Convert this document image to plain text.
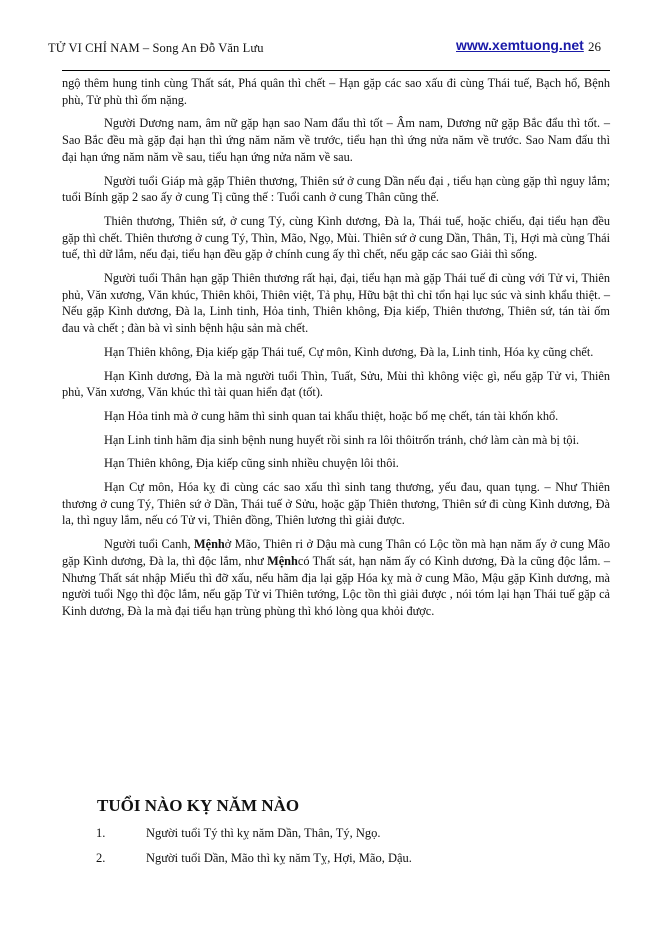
TỬ VI CHỈ NAM – Song An Đỗ Văn Lưu	www.xemtuong.net 26

ngộ thêm hung tinh cùng Thất sát, Phá quân thì chết – Hạn gặp các sao xấu đi cùng Thái tuế, Bạch hổ, Bệnh phù, Tử phù thì ốm nặng.

Người Dương nam, âm nữ gặp hạn sao Nam đẩu thì tốt – Âm nam, Dương nữ gặp Bắc đẩu thì tốt. – Sao Bắc đều mà gặp đại hạn thì ứng năm năm về trước, tiểu hạn thì ứng nửa năm về trước. Sao Nam đẩu thì đại hạn ứng năm năm về sau, tiểu hạn ứng nửa năm về sau.

Người tuổi Giáp mà gặp Thiên thương, Thiên sứ ở cung Dần nếu đại , tiểu hạn cùng gặp thì nguy lắm; tuổi Bính gặp 2 sao ấy ở cung Tị cũng thế : Tuổi canh ở cung Thân cũng thế.

Thiên thương, Thiên sứ, ở cung Tý, cùng Kình dương, Đà la, Thái tuế, hoặc chiếu, đại tiểu hạn đều gặp thì chết. Thiên thương ở cung Tý, Thìn, Mão, Ngọ, Mùi. Thiên sứ ở cung Dần, Thân, Tị, Hợi mà cùng Thái tuế, thì dữ lắm, nếu đại, tiểu hạn đều gặp ở chính cung ấy thì chết, nếu gặp các sao Giải thì sống.

Người tuổi Thân hạn gặp Thiên thương rất hại, đại, tiểu hạn mà gặp Thái tuế đi cùng với Tử vi, Thiên phủ, Văn xương, Văn khúc, Thiên khôi, Thiên việt, Tả phụ, Hữu bật thì chỉ tổn hại lục súc và sinh khẩu thiệt. – Nếu gặp Kình dương, Đà la, Linh tinh, Hỏa tinh, Thiên không, Địa kiếp, Thiên thương, Thiên sứ, tán tài ốm đau và chết ; đàn bà vì sinh bệnh hậu sản mà chết.

Hạn Thiên không, Địa kiếp gặp Thái tuế, Cự môn, Kình dương, Đà la, Linh tinh, Hóa kỵ cũng chết.

Hạn Kình dương, Đà la mà người tuổi Thìn, Tuất, Sửu, Mùi thì không việc gì, nếu gặp Tử vi, Thiên phủ, Văn xương, Văn khúc thì tài quan hiển đạt (tốt).

Hạn Hỏa tinh mà ở cung hãm thì sinh quan tai khẩu thiệt, hoặc bố mẹ chết, tán tài khốn khổ.

Hạn Linh tinh hãm địa sinh bệnh nung huyết rồi sinh ra lôi thôitrốn tránh, chớ làm càn mà bị tội.

Hạn Thiên không, Địa kiếp cũng sinh nhiều chuyện lôi thôi.

Hạn Cự môn, Hóa kỵ đi cùng các sao xấu thì sinh tang thương, yếu đau, quan tụng. – Như Thiên thương ở cung Tý, Thiên sứ ở Dần, Thái tuế ở Sửu, hoặc gặp Thiên thương, Thiên sứ đi cùng Kình dương, Đà la, thì nguy lắm, nếu có Tử vi, Thiên đồng, Thiên lương thì giải được.

Người tuổi Canh, Mệnhở Mão, Thiên ri ở Dậu mà cung Thân có Lộc tồn mà hạn năm ấy ở cung Mão gặp Kình dương, Đà la, thì độc lắm, như Mệnhcó Thất sát, hạn năm ấy có Kình dương, Đà la cũng độc lắm. – Nhưng Thất sát nhập Miếu thì đỡ xấu, nếu hãm địa lại gặp Hóa kỵ mà ở cung Mão, Mậu gặp Kình dương, mà người tuổi Ngọ thì độc lắm, nếu gặp Tử vi Thiên tướng, Lộc tồn thì giải được , nói tóm lại hạn Thái tuế gặp cả Kinh dương, Đà la mà đại tiểu hạn trùng phùng thì khó lòng qua khỏi được.

TUỔI NÀO KỴ NĂM NÀO
1.	Người tuổi Tý thì kỵ năm Dần, Thân, Tý, Ngọ.
2.	Người tuổi Dần, Mão thì kỵ năm Tỵ, Hợi, Mão, Dậu.
